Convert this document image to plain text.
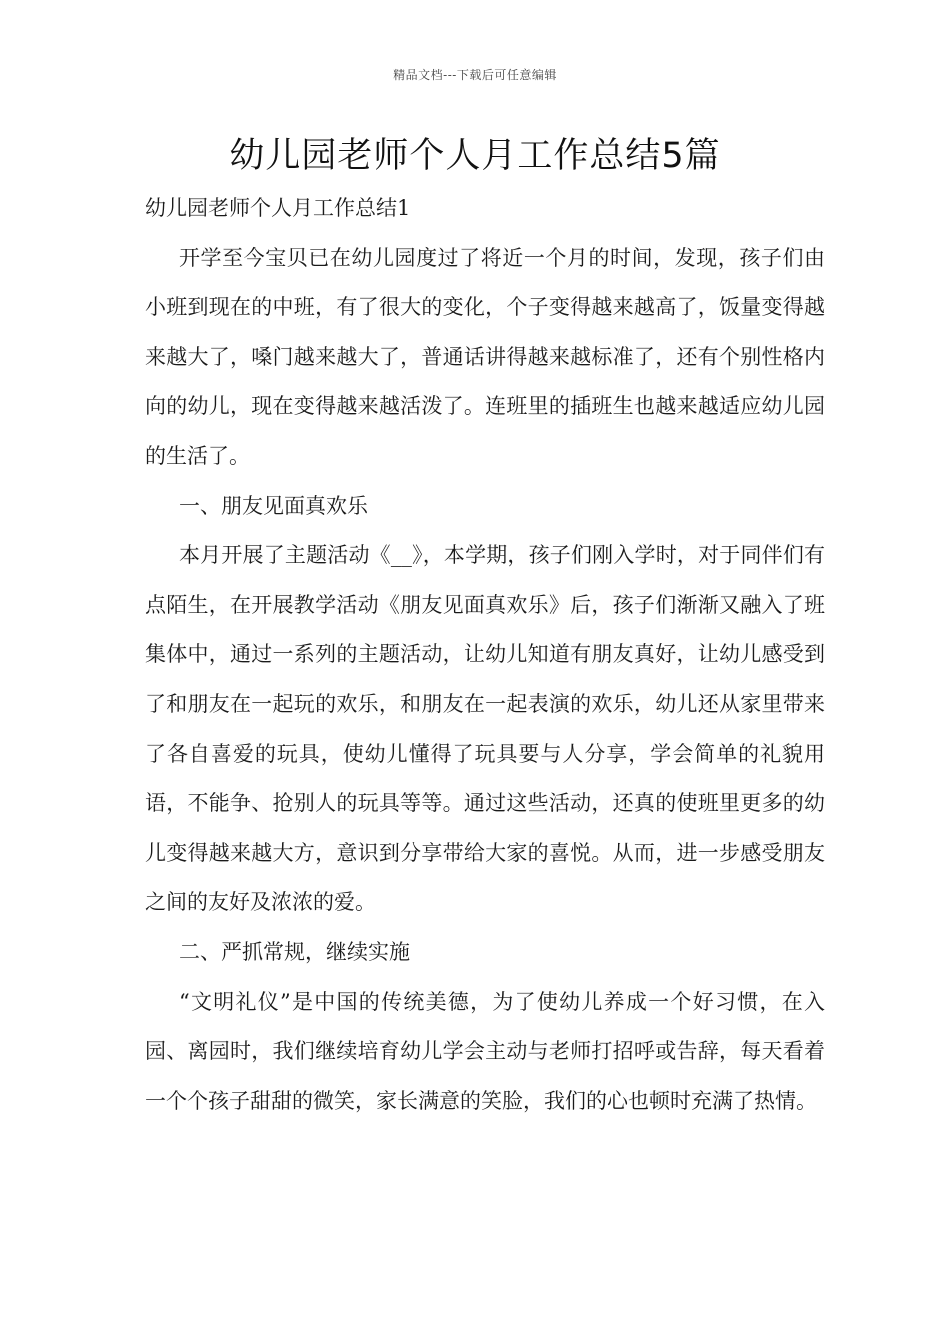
精品文档---下载后可任意编辑
幼儿园老师个人月工作总结5篇

幼儿园老师个人月工作总结1

开学至今宝贝已在幼儿园度过了将近一个月的时间，发现，孩子们由小班到现在的中班，有了很大的变化，个子变得越来越高了，饭量变得越来越大了，嗓门越来越大了，普通话讲得越来越标准了，还有个别性格内向的幼儿，现在变得越来越活泼了。连班里的插班生也越来越适应幼儿园的生活了。

一、朋友见面真欢乐

本月开展了主题活动《__》，本学期，孩子们刚入学时，对于同伴们有点陌生，在开展教学活动《朋友见面真欢乐》后，孩子们渐渐又融入了班集体中，通过一系列的主题活动，让幼儿知道有朋友真好，让幼儿感受到了和朋友在一起玩的欢乐，和朋友在一起表演的欢乐，幼儿还从家里带来了各自喜爱的玩具，使幼儿懂得了玩具要与人分享，学会简单的礼貌用语，不能争、抢别人的玩具等等。通过这些活动，还真的使班里更多的幼儿变得越来越大方，意识到分享带给大家的喜悦。从而，进一步感受朋友之间的友好及浓浓的爱。

二、严抓常规，继续实施

“文明礼仪”是中国的传统美德，为了使幼儿养成一个好习惯，在入园、离园时，我们继续培育幼儿学会主动与老师打招呼或告辞，每天看着一个个孩子甜甜的微笑，家长满意的笑脸，我们的心也顿时充满了热情。
